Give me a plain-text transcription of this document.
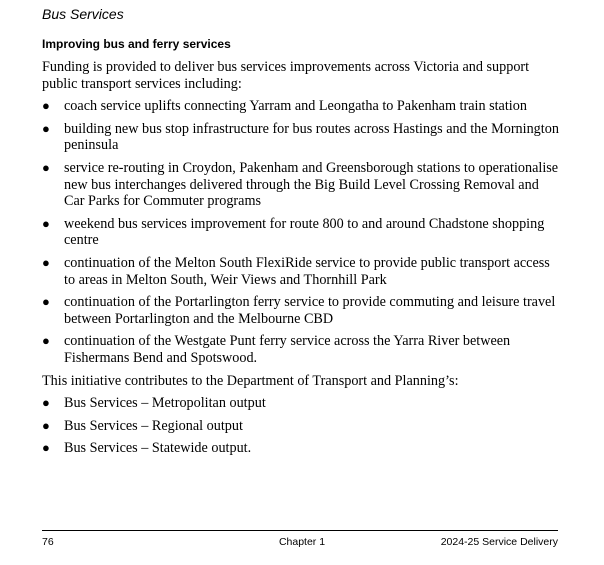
Bus Services
Improving bus and ferry services

Funding is provided to deliver bus services improvements across Victoria and support public transport services including:

● coach service uplifts connecting Yarram and Leongatha to Pakenham train station
● building new bus stop infrastructure for bus routes across Hastings and the Mornington peninsula
● service re-routing in Croydon, Pakenham and Greensborough stations to operationalise new bus interchanges delivered through the Big Build Level Crossing Removal and Car Parks for Commuter programs
● weekend bus services improvement for route 800 to and around Chadstone shopping centre
● continuation of the Melton South FlexiRide service to provide public transport access to areas in Melton South, Weir Views and Thornhill Park
● continuation of the Portarlington ferry service to provide commuting and leisure travel between Portarlington and the Melbourne CBD
● continuation of the Westgate Punt ferry service across the Yarra River between Fishermans Bend and Spotswood.

This initiative contributes to the Department of Transport and Planning’s:

● Bus Services – Metropolitan output
● Bus Services – Regional output
● Bus Services – Statewide output.
76	Chapter 1	2024-25 Service Delivery
